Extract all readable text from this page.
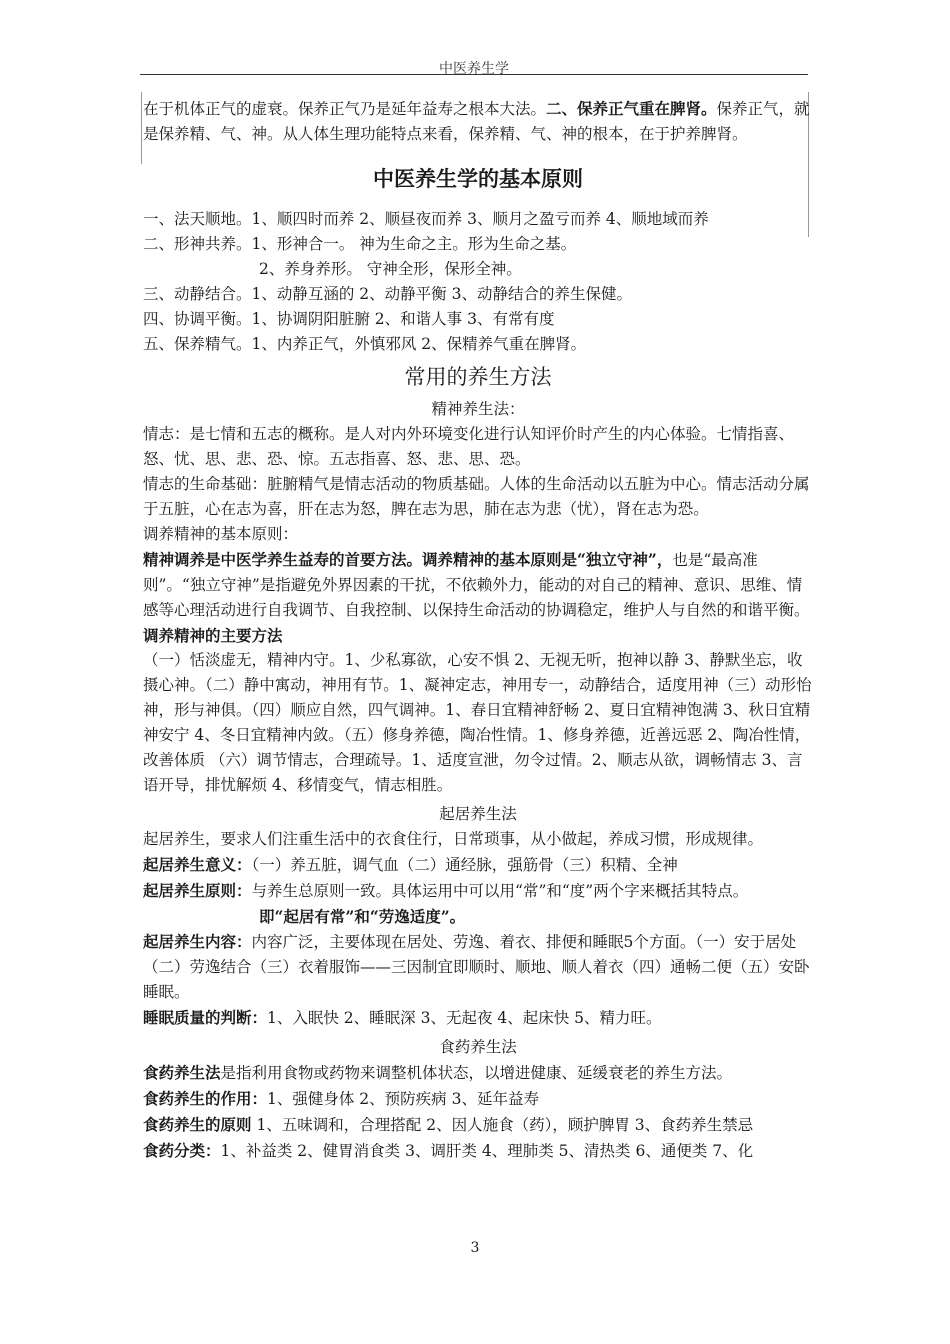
中医养生学

在于机体正气的虚衰。保养正气乃是延年益寿之根本大法。二、保养正气重在脾肾。保养正气，就是保养精、气、神。从人体生理功能特点来看，保养精、气、神的根本，在于护养脾肾。

中医养生学的基本原则

一、法天顺地。1、顺四时而养 2、顺昼夜而养 3、顺月之盈亏而养 4、顺地域而养

二、形神共养。1、形神合一。 神为生命之主。形为生命之基。

2、养身养形。 守神全形，保形全神。

三、动静结合。1、动静互涵的 2、动静平衡 3、动静结合的养生保健。

四、协调平衡。1、协调阴阳脏腑 2、和谐人事 3、有常有度

五、保养精气。1、内养正气，外慎邪风 2、保精养气重在脾肾。

常用的养生方法

精神养生法：

情志：是七情和五志的概称。是人对内外环境变化进行认知评价时产生的内心体验。七情指喜、怒、忧、思、悲、恐、惊。五志指喜、怒、悲、思、恐。

情志的生命基础：脏腑精气是情志活动的物质基础。人体的生命活动以五脏为中心。情志活动分属于五脏，心在志为喜，肝在志为怒，脾在志为思，肺在志为悲（忧），肾在志为恐。

调养精神的基本原则：

精神调养是中医学养生益寿的首要方法。调养精神的基本原则是“独立守神”，也是“最高准则”。“独立守神”是指避免外界因素的干扰，不依赖外力，能动的对自己的精神、意识、思维、情感等心理活动进行自我调节、自我控制、以保持生命活动的协调稳定，维护人与自然的和谐平衡。

调养精神的主要方法

（一）恬淡虚无，精神内守。1、少私寡欲，心安不惧 2、无视无听，抱神以静 3、静默坐忘，收摄心神。（二）静中寓动，神用有节。1、凝神定志，神用专一，动静结合，适度用神（三）动形怡神，形与神俱。（四）顺应自然，四气调神。1、春日宜精神舒畅 2、夏日宜精神饱满 3、秋日宜精神安宁 4、冬日宜精神内敛。（五）修身养德，陶冶性情。1、修身养德，近善远恶 2、陶冶性情，改善体质 （六）调节情志，合理疏导。1、适度宣泄，勿令过情。2、顺志从欲，调畅情志 3、言语开导，排忧解烦 4、移情变气，情志相胜。

起居养生法

起居养生，要求人们注重生活中的衣食住行，日常琐事，从小做起，养成习惯，形成规律。

起居养生意义：（一）养五脏，调气血（二）通经脉，强筋骨（三）积精、全神

起居养生原则：与养生总原则一致。具体运用中可以用“常”和“度”两个字来概括其特点。

即“起居有常”和“劳逸适度”。

起居养生内容：内容广泛，主要体现在居处、劳逸、着衣、排便和睡眠5个方面。（一）安于居处（二）劳逸结合（三）衣着服饰——三因制宜即顺时、顺地、顺人着衣（四）通畅二便（五）安卧睡眠。

睡眠质量的判断：1、入眠快 2、睡眠深 3、无起夜 4、起床快 5、精力旺。

食药养生法

食药养生法是指利用食物或药物来调整机体状态，以增进健康、延缓衰老的养生方法。

食药养生的作用：1、强健身体 2、预防疾病 3、延年益寿

食药养生的原则 1、五味调和，合理搭配 2、因人施食（药），顾护脾胃 3、食药养生禁忌

食药分类：1、补益类 2、健胃消食类 3、调肝类 4、理肺类 5、清热类 6、通便类 7、化

3
